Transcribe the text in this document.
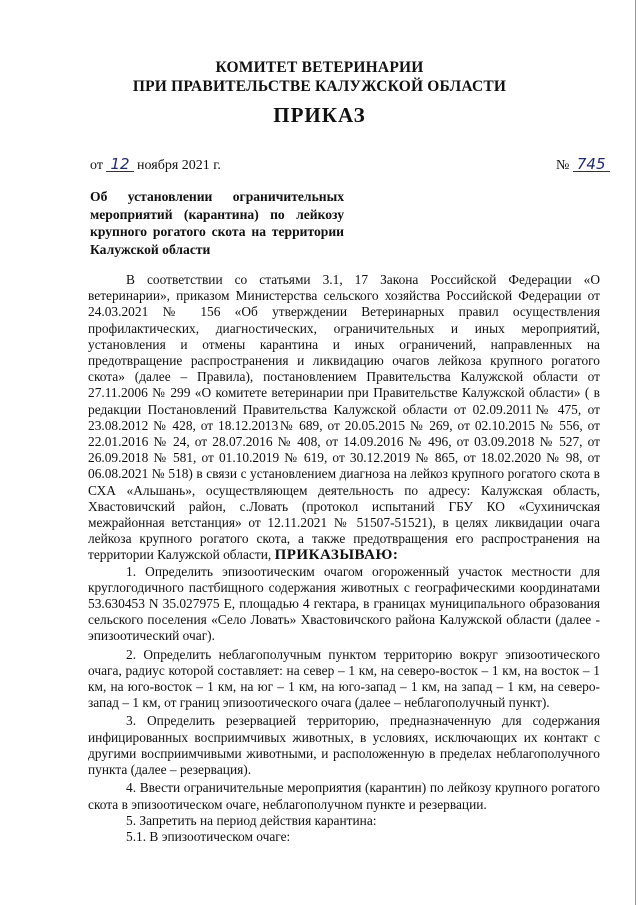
КОМИТЕТ ВЕТЕРИНАРИИ

ПРИ ПРАВИТЕЛЬСТВЕ КАЛУЖСКОЙ ОБЛАСТИ

ПРИКАЗ

от 12 ноября 2021 г.	№ 745
Об установлении ограничительных мероприятий (карантина) по лейкозу крупного рогатого скота на территории Калужской области

В соответствии со статьями 3.1, 17 Закона Российской Федерации «О ветеринарии», приказом Министерства сельского хозяйства Российской Федерации от 24.03.2021 № 156 «Об утверждении Ветеринарных правил осуществления профилактических, диагностических, ограничительных и иных мероприятий, установления и отмены карантина и иных ограничений, направленных на предотвращение распространения и ликвидацию очагов лейкоза крупного рогатого скота» (далее – Правила), постановлением Правительства Калужской области от 27.11.2006 № 299 «О комитете ветеринарии при Правительстве Калужской области» ( в редакции Постановлений Правительства Калужской области от 02.09.2011№ 475, от 23.08.2012 № 428, от 18.12.2013№ 689, от 20.05.2015 № 269, от 02.10.2015 № 556, от 22.01.2016 № 24, от 28.07.2016 № 408, от 14.09.2016 № 496, от 03.09.2018 № 527, от 26.09.2018 № 581, от 01.10.2019 № 619, от 30.12.2019 № 865, от 18.02.2020 № 98, от 06.08.2021 № 518) в связи с установлением диагноза на лейкоз крупного рогатого скота в СХА «Альшань», осуществляющем деятельность по адресу: Калужская область, Хвастовичский район, с.Ловать (протокол испытаний ГБУ КО «Сухиничская межрайонная ветстанция» от 12.11.2021 № 51507-51521), в целях ликвидации очага лейкоза крупного рогатого скота, а также предотвращения его распространения на территории Калужской области, ПРИКАЗЫВАЮ:

1. Определить эпизоотическим очагом огороженный участок местности для круглогодичного пастбищного содержания животных с географическими координатами 53.630453 N 35.027975 E, площадью 4 гектара, в границах муниципального образования сельского поселения «Село Ловать» Хвастовичского района Калужской области (далее - эпизоотический очаг).

2. Определить неблагополучным пунктом территорию вокруг эпизоотического очага, радиус которой составляет: на север – 1 км, на северо-восток – 1 км, на восток – 1 км, на юго-восток – 1 км, на юг – 1 км, на юго-запад – 1 км, на запад – 1 км, на северо-запад – 1 км, от границ эпизоотического очага (далее – неблагополучный пункт).

3. Определить резервацией территорию, предназначенную для содержания инфицированных восприимчивых животных, в условиях, исключающих их контакт с другими восприимчивыми животными, и расположенную в пределах неблагополучного пункта (далее – резервация).

4. Ввести ограничительные мероприятия (карантин) по лейкозу крупного рогатого скота в эпизоотическом очаге, неблагополучном пункте и резервации.

5. Запретить на период действия карантина:

5.1. В эпизоотическом очаге:
